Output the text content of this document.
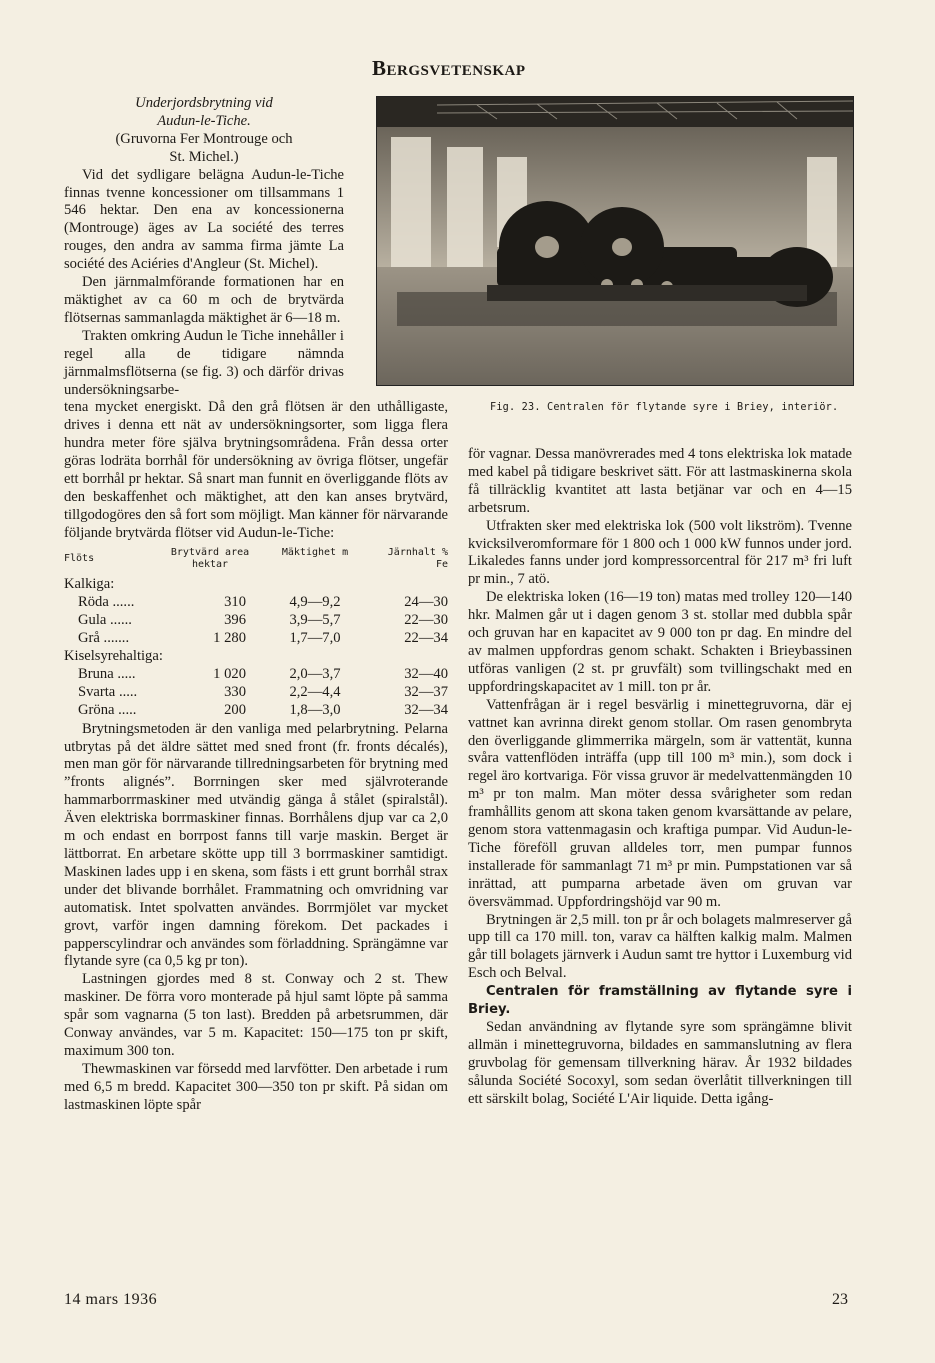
Bergsvetenskap
Fig. 23. Centralen för flytande syre i Briey, interiör.

Underjordsbrytning vid

Audun-le-Tiche.

(Gruvorna Fer Montrouge och

St. Michel.)

Vid det sydligare belägna Audun-le-Tiche finnas tvenne koncessioner om tillsammans 1 546 hektar. Den ena av koncessionerna (Montrouge) äges av La société des terres rouges, den andra av samma firma jämte La société des Aciéries d'Angleur (St. Michel).

Den järnmalmförande formationen har en mäktighet av ca 60 m och de brytvärda flötsernas sammanlagda mäktighet är 6—18 m.

Trakten omkring Audun le Tiche innehåller i regel alla de tidigare nämnda järnmalmsflötserna (se fig. 3) och därför drivas undersökningsarbe-

tena mycket energiskt. Då den grå flötsen är den uthålligaste, drives i denna ett nät av undersökningsorter, som ligga flera hundra meter före själva brytningsområdena. Från dessa orter göras lodräta borrhål för undersökning av övriga flötser, ungefär ett borrhål pr hektar. Så snart man funnit en överliggande flöts av den beskaffenhet och mäktighet, att den kan anses brytvärd, tillgodogöres den så fort som möjligt. Man känner för närvarande följande brytvärda flötser vid Audun-le-Tiche:

Flöts	Brytvärd area hektar	Mäktighet m	Järnhalt % Fe
Kalkiga:			
Röda ......	310	4,9—9,2	24—30
Gula ......	396	3,9—5,7	22—30
Grå .......	1 280	1,7—7,0	22—34
Kiselsyrehaltiga:			
Bruna .....	1 020	2,0—3,7	32—40
Svarta .....	330	2,2—4,4	32—37
Gröna .....	200	1,8—3,0	32—34

Brytningsmetoden är den vanliga med pelarbrytning. Pelarna utbrytas på det äldre sättet med sned front (fr. fronts décalés), men man gör för närvarande tillredningsarbeten för brytning med ”fronts alignés”. Borrningen sker med självroterande hammarborrmaskiner med utvändig gänga å stålet (spiralstål). Även elektriska borrmaskiner finnas. Borrhålens djup var ca 2,0 m och endast en borrpost fanns till varje maskin. Berget är lättborrat. En arbetare skötte upp till 3 borrmaskiner samtidigt. Maskinen lades upp i en skena, som fästs i ett grunt borrhål strax under det blivande borrhålet. Frammatning och omvridning var automatisk. Intet spolvatten användes. Borrmjölet var mycket grovt, varför ingen damning förekom. Det packades i papperscylindrar och användes som förladdning. Sprängämne var flytande syre (ca 0,5 kg pr ton).

Lastningen gjordes med 8 st. Conway och 2 st. Thew maskiner. De förra voro monterade på hjul samt löpte på samma spår som vagnarna (5 ton last). Bredden på arbetsrummen, där Conway användes, var 5 m. Kapacitet: 150—175 ton pr skift, maximum 300 ton.

Thewmaskinen var försedd med larvfötter. Den arbetade i rum med 6,5 m bredd. Kapacitet 300—350 ton pr skift. På sidan om lastmaskinen löpte spår

för vagnar. Dessa manövrerades med 4 tons elektriska lok matade med kabel på tidigare beskrivet sätt. För att lastmaskinerna skola få tillräcklig kvantitet att lasta betjänar var och en 4—15 arbetsrum.

Utfrakten sker med elektriska lok (500 volt likström). Tvenne kvicksilveromformare för 1 800 och 1 000 kW funnos under jord. Likaledes fanns under jord kompressorcentral för 217 m³ fri luft pr min., 7 atö.

De elektriska loken (16—19 ton) matas med trolley 120—140 hkr. Malmen går ut i dagen genom 3 st. stollar med dubbla spår och gruvan har en kapacitet av 9 000 ton pr dag. En mindre del av malmen uppfordras genom schakt. Schakten i Brieybassinen utföras vanligen (2 st. pr gruvfält) som tvillingschakt med en uppfordringskapacitet av 1 mill. ton pr år.

Vattenfrågan är i regel besvärlig i minettegruvorna, där ej vattnet kan avrinna direkt genom stollar. Om rasen genombryta den överliggande glimmerrika märgeln, som är vattentät, kunna svåra vattenflöden inträffa (upp till 100 m³ min.), som dock i regel äro kortvariga. För vissa gruvor är medelvattenmängden 10 m³ pr ton malm. Man möter dessa svårigheter som redan framhållits genom att skona taken genom kvarsättande av pelare, genom stora vattenmagasin och kraftiga pumpar. Vid Audun-le-Tiche föreföll gruvan alldeles torr, men pumpar funnos installerade för sammanlagt 71 m³ pr min. Pumpstationen var så inrättad, att pumparna arbetade även om gruvan var översvämmad. Uppfordringshöjd var 90 m.

Brytningen är 2,5 mill. ton pr år och bolagets malmreserver gå upp till ca 170 mill. ton, varav ca hälften kalkig malm. Malmen går till bolagets järnverk i Audun samt tre hyttor i Luxemburg vid Esch och Belval.

Centralen för framställning av flytande syre i Briey.

Sedan användning av flytande syre som sprängämne blivit allmän i minettegruvorna, bildades en sammanslutning av flera gruvbolag för gemensam tillverkning härav. År 1932 bildades sålunda Société Socoxyl, som sedan överlåtit tillverkningen till ett särskilt bolag, Société L'Air liquide. Detta igång-

14 mars 1936	23
